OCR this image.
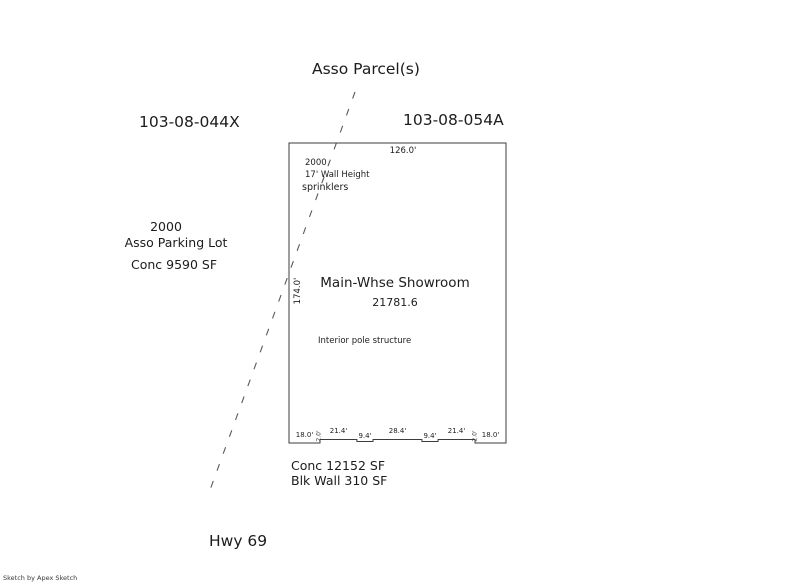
Asso Parcel(s)
103-08-044X	103-08-054A
2000
Asso Parking Lot
Conc 9590 SF
126.0'
2000
17' Wall Height
sprinklers
174.0' Main-Whse Showroom
21781.6
Interior pole structure
18.0' 2.0' 21.4'
9.4'
28.4'
9.4'
21.4' 2.0' 18.0'
Conc 12152 SF
Blk Wall 310 SF
Hwy 69
Sketch by Apex Sketch
